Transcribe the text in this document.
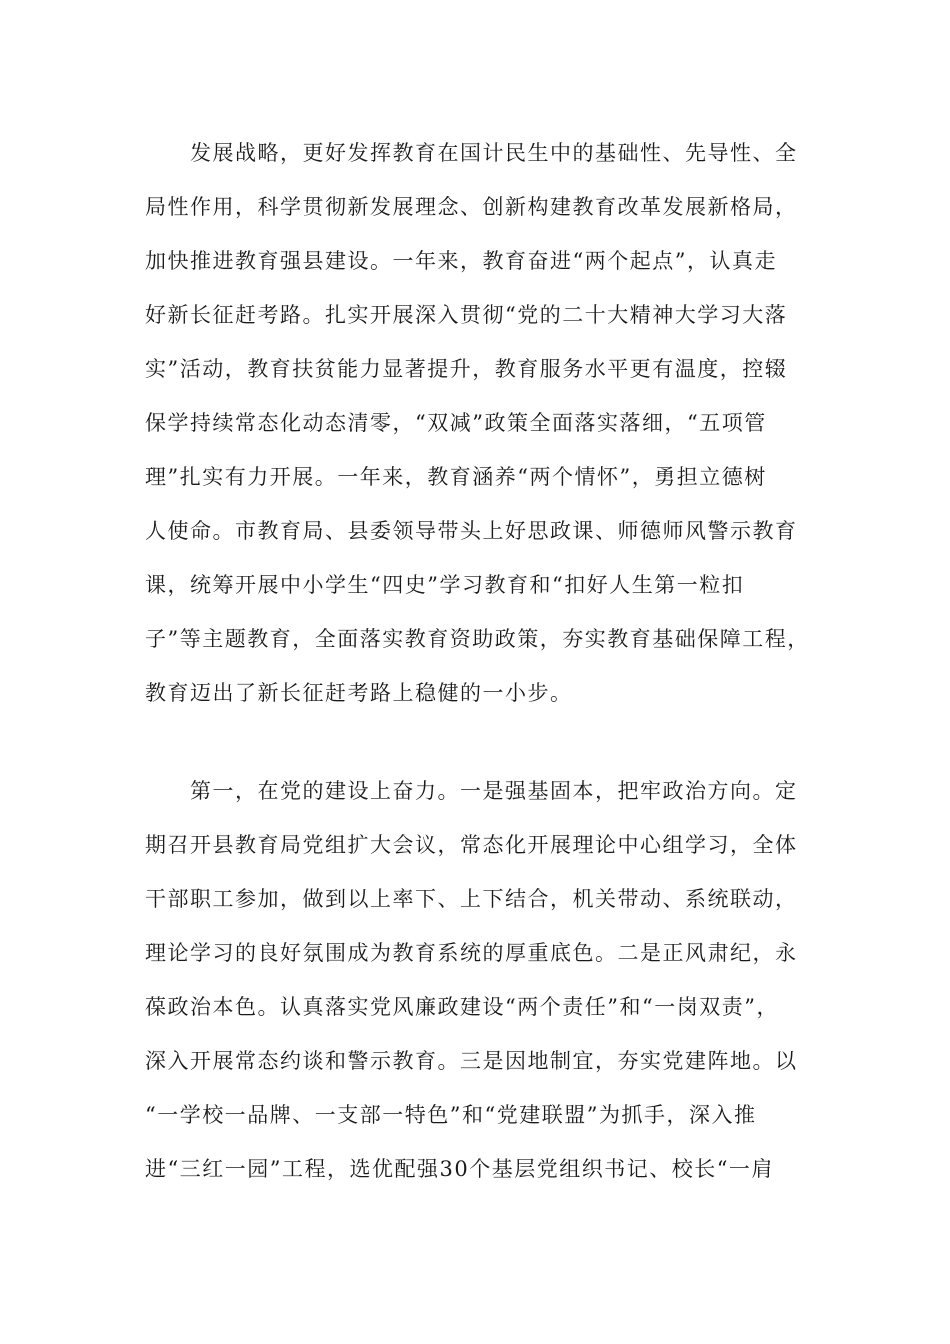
发展战略，更好发挥教育在国计民生中的基础性、先导性、全
局性作用，科学贯彻新发展理念、创新构建教育改革发展新格局，
加快推进教育强县建设。一年来，教育奋进“两个起点”，认真走
好新长征赶考路。扎实开展深入贯彻“党的二十大精神大学习大落
实”活动，教育扶贫能力显著提升，教育服务水平更有温度，控辍
保学持续常态化动态清零，“双减”政策全面落实落细，“五项管
理”扎实有力开展。一年来，教育涵养“两个情怀”，勇担立德树
人使命。市教育局、县委领导带头上好思政课、师德师风警示教育
课，统筹开展中小学生“四史”学习教育和“扣好人生第一粒扣
子”等主题教育，全面落实教育资助政策，夯实教育基础保障工程，
教育迈出了新长征赶考路上稳健的一小步。
第一，在党的建设上奋力。一是强基固本，把牢政治方向。定
期召开县教育局党组扩大会议，常态化开展理论中心组学习，全体
干部职工参加，做到以上率下、上下结合，机关带动、系统联动，
理论学习的良好氛围成为教育系统的厚重底色。二是正风肃纪，永
葆政治本色。认真落实党风廉政建设“两个责任”和“一岗双责”，
深入开展常态约谈和警示教育。三是因地制宜，夯实党建阵地。以
“一学校一品牌、一支部一特色”和“党建联盟”为抓手，深入推
进“三红一园”工程，选优配强30个基层党组织书记、校长“一肩
